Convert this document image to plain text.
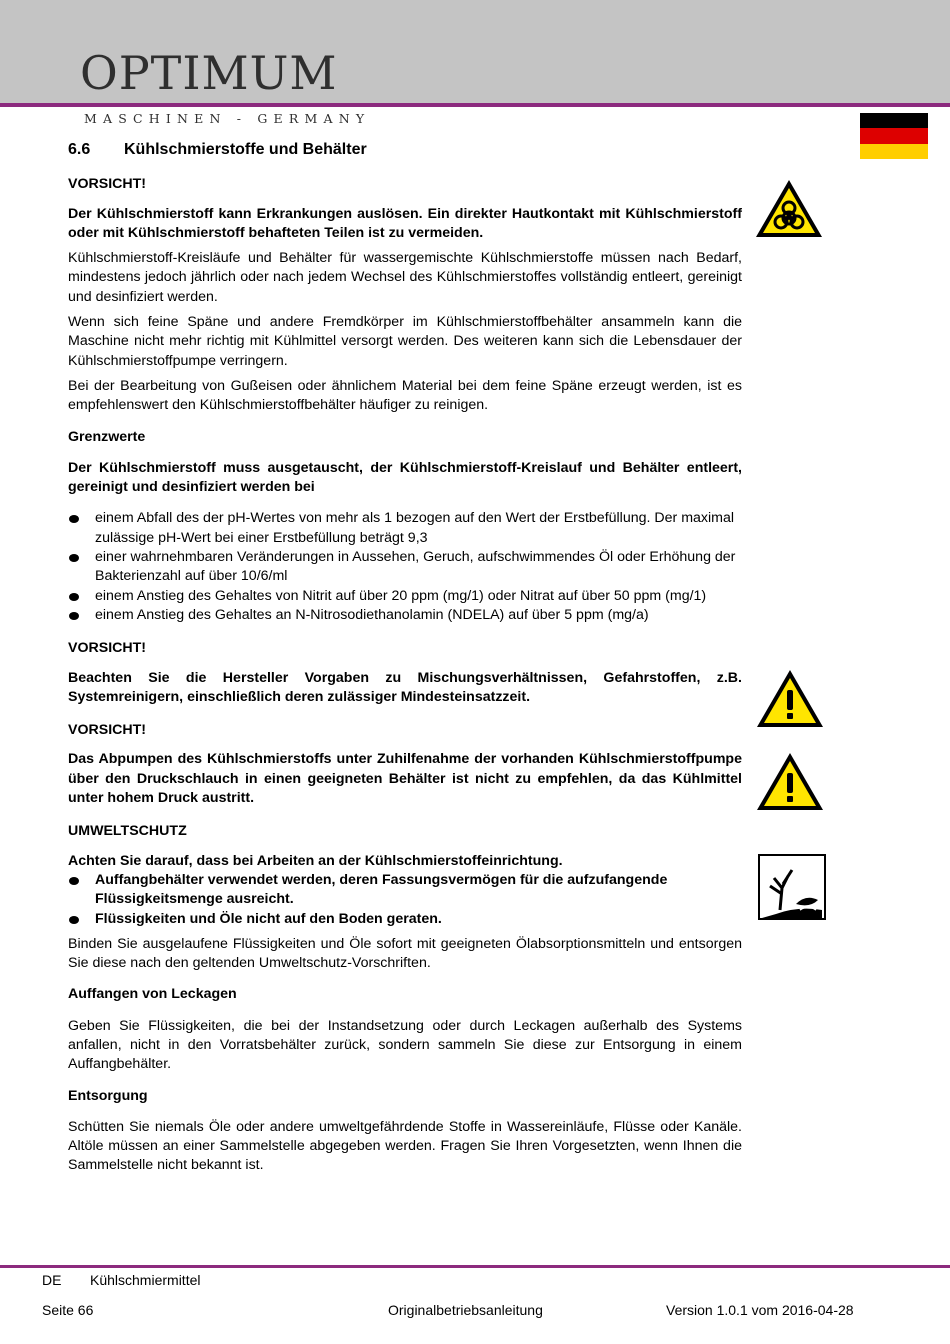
OPTIMUM
MASCHINEN - GERMANY
6.6 Kühlschmierstoffe und Behälter

VORSICHT!

Der Kühlschmierstoff kann Erkrankungen auslösen. Ein direkter Hautkontakt mit Kühlschmierstoff oder mit Kühlschmierstoff behafteten Teilen ist zu vermeiden.

Kühlschmierstoff-Kreisläufe und Behälter für wassergemischte Kühlschmierstoffe müssen nach Bedarf, mindestens jedoch jährlich oder nach jedem Wechsel des Kühlschmierstoffes vollständig entleert, gereinigt und desinfiziert werden.

Wenn sich feine Späne und andere Fremdkörper im Kühlschmierstoffbehälter ansammeln kann die Maschine nicht mehr richtig mit Kühlmittel versorgt werden. Des weiteren kann sich die Lebensdauer der Kühlschmierstoffpumpe verringern.

Bei der Bearbeitung von Gußeisen oder ähnlichem Material bei dem feine Späne erzeugt werden, ist es empfehlenswert den Kühlschmierstoffbehälter häufiger zu reinigen.

Grenzwerte

Der Kühlschmierstoff muss ausgetauscht, der Kühlschmierstoff-Kreislauf und Behälter entleert, gereinigt und desinfiziert werden bei

einem Abfall des der pH-Wertes von mehr als 1 bezogen auf den Wert der Erstbefüllung. Der maximal zulässige pH-Wert bei einer Erstbefüllung beträgt 9,3
einer wahrnehmbaren Veränderungen in Aussehen, Geruch, aufschwimmendes Öl oder Erhöhung der Bakterienzahl auf über 10/6/ml
einem Anstieg des Gehaltes von Nitrit auf über 20 ppm (mg/1) oder Nitrat auf über 50 ppm (mg/1)
einem Anstieg des Gehaltes an N-Nitrosodiethanolamin (NDELA) auf über 5 ppm (mg/a)

VORSICHT!

Beachten Sie die Hersteller Vorgaben zu Mischungsverhältnissen, Gefahrstoffen, z.B. Systemreinigern, einschließlich deren zulässiger Mindesteinsatzzeit.

VORSICHT!

Das Abpumpen des Kühlschmierstoffs unter Zuhilfenahme der vorhanden Kühlschmierstoffpumpe über den Druckschlauch in einen geeigneten Behälter ist nicht zu empfehlen, da das Kühlmittel unter hohem Druck austritt.

UMWELTSCHUTZ

Achten Sie darauf, dass bei Arbeiten an der Kühlschmierstoffeinrichtung.

Auffangbehälter verwendet werden, deren Fassungsvermögen für die aufzufangende Flüssigkeitsmenge ausreicht.
Flüssigkeiten und Öle nicht auf den Boden geraten.

Binden Sie ausgelaufene Flüssigkeiten und Öle sofort mit geeigneten Ölabsorptionsmitteln und entsorgen Sie diese nach den geltenden Umweltschutz-Vorschriften.

Auffangen von Leckagen

Geben Sie Flüssigkeiten, die bei der Instandsetzung oder durch Leckagen außerhalb des Systems anfallen, nicht in den Vorratsbehälter zurück, sondern sammeln Sie diese zur Entsorgung in einem Auffangbehälter.

Entsorgung

Schütten Sie niemals Öle oder andere umweltgefährdende Stoffe in Wassereinläufe, Flüsse oder Kanäle. Altöle müssen an einer Sammelstelle abgegeben werden. Fragen Sie Ihren Vorgesetzten, wenn Ihnen die Sammelstelle nicht bekannt ist.

DE Kühlschmiermittel
Seite 66	Originalbetriebsanleitung	Version 1.0.1 vom 2016-04-28
